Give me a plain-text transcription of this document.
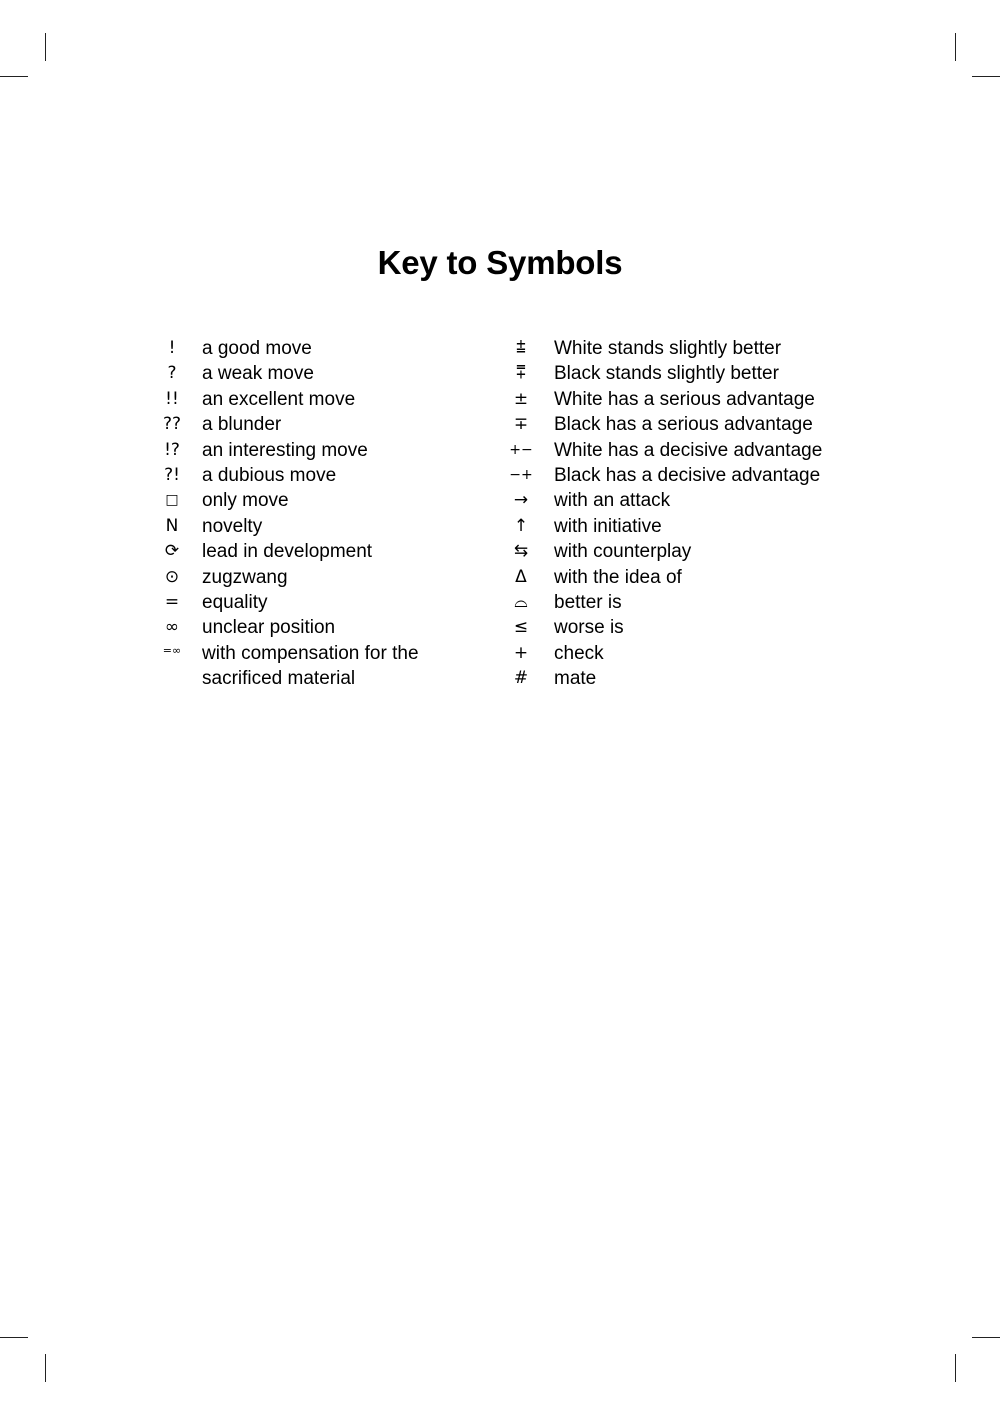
Key to Symbols
!	a good move
?	a weak move
!!	an excellent move
??	a blunder
!?	an interesting move
?!	a dubious move
□	only move
N	novelty
⟳	lead in development
⊙	zugzwang
=	equality
∞	unclear position
=∞	with compensation for the
sacrificed material
⩲	White stands slightly better
⩱	Black stands slightly better
±	White has a serious advantage
∓	Black has a serious advantage
+−	White has a decisive advantage
−+	Black has a decisive advantage
→	with an attack
↑	with initiative
⇆	with counterplay
Δ	with the idea of
⌓	better is
≤	worse is
+	check
#	mate
